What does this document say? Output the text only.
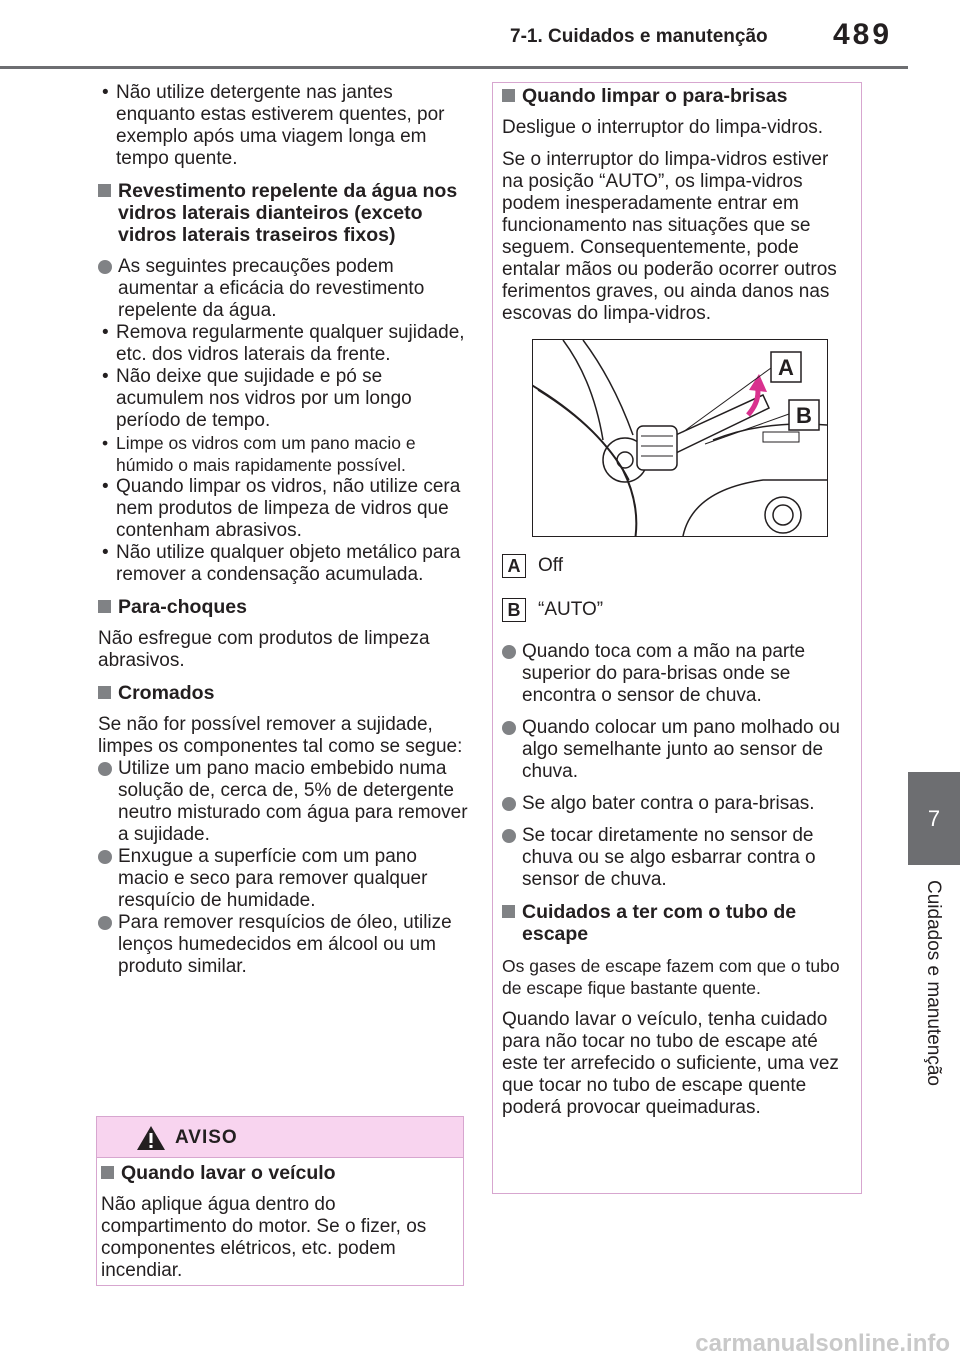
7-1. Cuidados e manutenção 489
7
Cuidados e manutenção

• Não utilize detergente nas jantes enquanto estas estiverem quentes, por exemplo após uma viagem longa em tempo quente.

Revestimento repelente da água nos vidros laterais dianteiros (exceto vidros laterais traseiros fixos)

As seguintes precauções podem aumentar a eficácia do revestimento repelente da água.

• Remova regularmente qualquer sujidade, etc. dos vidros laterais da frente.

• Não deixe que sujidade e pó se acumulem nos vidros por um longo período de tempo.

• Limpe os vidros com um pano macio e húmido o mais rapidamente possível.

• Quando limpar os vidros, não utilize cera nem produtos de limpeza de vidros que contenham abrasivos.

• Não utilize qualquer objeto metálico para remover a condensação acumulada.

Para-choques

Não esfregue com produtos de limpeza abrasivos.

Cromados

Se não for possível remover a sujidade, limpes os componentes tal como se segue:

Utilize um pano macio embebido numa solução de, cerca de, 5% de detergente neutro misturado com água para remover a sujidade.

Enxugue a superfície com um pano macio e seco para remover qualquer resquício de humidade.

Para remover resquícios de óleo, utilize lenços humedecidos em álcool ou um produto similar.

AVISO

Quando lavar o veículo

Não aplique água dentro do compartimento do motor. Se o fizer, os componentes elétricos, etc. podem incendiar.

Quando limpar o para-brisas

Desligue o interruptor do limpa-vidros.

Se o interruptor do limpa-vidros estiver na posição “AUTO”, os limpa-vidros podem inesperadamente entrar em funcionamento nas situações que se seguem. Consequentemente, pode entalar mãos ou poderão ocorrer outros ferimentos graves, ou ainda danos nas escovas do limpa-vidros.

A
B
A Off
B “AUTO”

Quando toca com a mão na parte superior do para-brisas onde se encontra o sensor de chuva.

Quando colocar um pano molhado ou algo semelhante junto ao sensor de chuva.

Se algo bater contra o para-brisas.

Se tocar diretamente no sensor de chuva ou se algo esbarrar contra o sensor de chuva.

Cuidados a ter com o tubo de escape

Os gases de escape fazem com que o tubo de escape fique bastante quente.

Quando lavar o veículo, tenha cuidado para não tocar no tubo de escape até este ter arrefecido o suficiente, uma vez que tocar no tubo de escape quente poderá provocar queimaduras.

carmanualsonline.info
